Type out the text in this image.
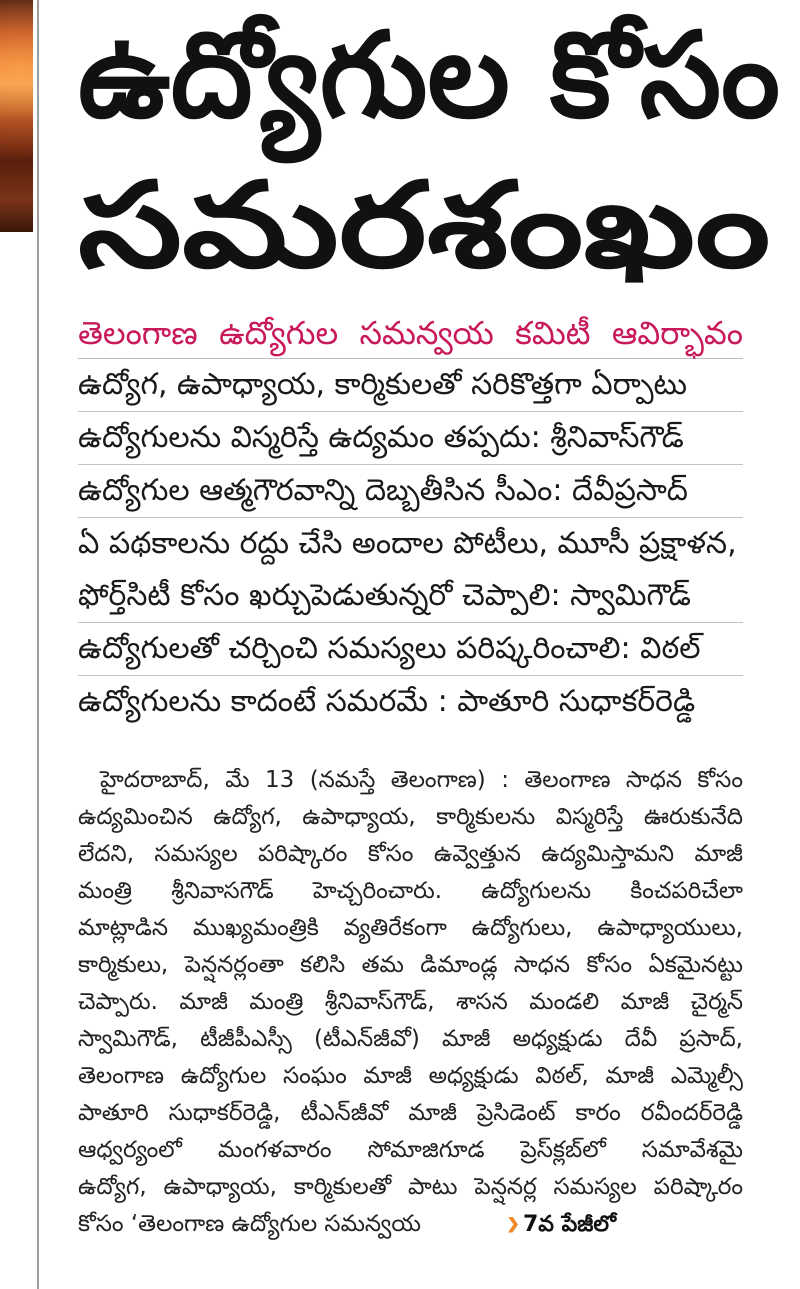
ఉద్యోగుల కోసం
సమరశంఖం
తెలంగాణ ఉద్యోగుల సమన్వయ కమిటీ ఆవిర్భావం
ఉద్యోగ, ఉపాధ్యాయ, కార్మికులతో సరికొత్తగా ఏర్పాటు
ఉద్యోగులను విస్మరిస్తే ఉద్యమం తప్పదు: శ్రీనివాస్‌గౌడ్
ఉద్యోగుల ఆత్మగౌరవాన్ని దెబ్బతీసిన సీఎం: దేవీప్రసాద్
ఏ పథకాలను రద్దు చేసి అందాల పోటీలు, మూసీ ప్రక్షాళన,
ఫోర్త్‌సిటీ కోసం ఖర్చుపెడుతున్నరో చెప్పాలి: స్వామిగౌడ్
ఉద్యోగులతో చర్చించి సమస్యలు పరిష్కరించాలి: విఠల్
ఉద్యోగులను కాదంటే సమరమే : పాతూరి సుధాకర్‌రెడ్డి
హైదరాబాద్, మే 13 (నమస్తే తెలంగాణ) : తెలంగాణ సాధన కోసం
ఉద్యమించిన ఉద్యోగ, ఉపాధ్యాయ, కార్మికులను విస్మరిస్తే ఊరుకునేది
లేదని, సమస్యల పరిష్కారం కోసం ఉవ్వెత్తున ఉద్యమిస్తామని మాజీ
మంత్రి శ్రీనివాసగౌడ్ హెచ్చరించారు. ఉద్యోగులను కించపరిచేలా
మాట్లాడిన ముఖ్యమంత్రికి వ్యతిరేకంగా ఉద్యోగులు, ఉపాధ్యాయులు,
కార్మికులు, పెన్షనర్లంతా కలిసి తమ డిమాండ్ల సాధన కోసం ఏకమైనట్టు
చెప్పారు. మాజీ మంత్రి శ్రీనివాస్‌గౌడ్, శాసన మండలి మాజీ చైర్మన్
స్వామిగౌడ్, టీజీపీఎస్సీ (టీఎన్‌జీవో) మాజీ అధ్యక్షుడు దేవీ ప్రసాద్,
తెలంగాణ ఉద్యోగుల సంఘం మాజీ అధ్యక్షుడు విఠల్, మాజీ ఎమ్మెల్సీ
పాతూరి సుధాకర్‌రెడ్డి, టీఎన్‌జీవో మాజీ ప్రెసిడెంట్ కారం రవీందర్‌రెడ్డి
ఆధ్వర్యంలో మంగళవారం సోమాజిగూడ ప్రెస్‌క్లబ్‌లో సమావేశమై
ఉద్యోగ, ఉపాధ్యాయ, కార్మికులతో పాటు పెన్షనర్ల సమస్యల పరిష్కారం
కోసం ‘తెలంగాణ ఉద్యోగుల సమన్వయ	7వ పేజీలో
